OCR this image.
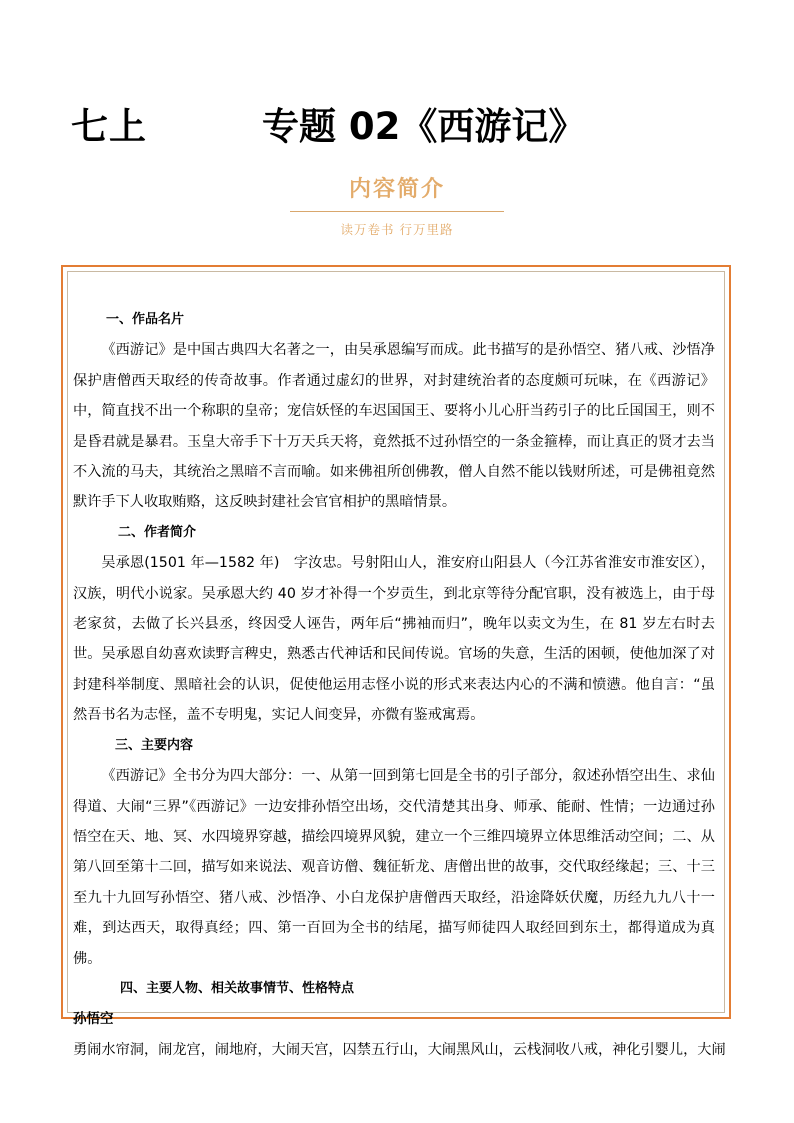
七上	专题 02《西游记》
内容简介
读万卷书 行万里路

一、作品名片

《西游记》是中国古典四大名著之一，由吴承恩编写而成。此书描写的是孙悟空、猪八戒、沙悟净保护唐僧西天取经的传奇故事。作者通过虚幻的世界，对封建统治者的态度颇可玩味，在《西游记》中，简直找不出一个称职的皇帝；宠信妖怪的车迟国国王、要将小儿心肝当药引子的比丘国国王，则不是昏君就是暴君。玉皇大帝手下十万天兵天将，竟然抵不过孙悟空的一条金箍棒，而让真正的贤才去当不入流的马夫，其统治之黑暗不言而喻。如来佛祖所创佛教，僧人自然不能以钱财所述，可是佛祖竟然默许手下人收取贿赂，这反映封建社会官官相护的黑暗情景。

二、作者简介

吴承恩(1501 年—1582 年)　字汝忠。号射阳山人，淮安府山阳县人（今江苏省淮安市淮安区），汉族，明代小说家。吴承恩大约 40 岁才补得一个岁贡生，到北京等待分配官职，没有被选上，由于母老家贫，去做了长兴县丞，终因受人诬告，两年后“拂袖而归”，晚年以卖文为生，在 81 岁左右时去世。吴承恩自幼喜欢读野言稗史，熟悉古代神话和民间传说。官场的失意，生活的困顿，使他加深了对封建科举制度、黑暗社会的认识，促使他运用志怪小说的形式来表达内心的不满和愤懑。他自言：“虽然吾书名为志怪，盖不专明鬼，实记人间变异，亦微有鉴戒寓焉。

三、主要内容

《西游记》全书分为四大部分：一、从第一回到第七回是全书的引子部分，叙述孙悟空出生、求仙得道、大闹“三界”《西游记》一边安排孙悟空出场，交代清楚其出身、师承、能耐、性情；一边通过孙悟空在天、地、冥、水四境界穿越，描绘四境界风貌，建立一个三维四境界立体思维活动空间；二、从第八回至第十二回，描写如来说法、观音访僧、魏征斩龙、唐僧出世的故事，交代取经缘起；三、十三至九十九回写孙悟空、猪八戒、沙悟净、小白龙保护唐僧西天取经，沿途降妖伏魔，历经九九八十一难，到达西天，取得真经；四、第一百回为全书的结尾，描写师徒四人取经回到东土，都得道成为真佛。

四、主要人物、相关故事情节、性格特点

孙悟空

勇闹水帘洞，闹龙宫，闹地府，大闹天宫，囚禁五行山，大闹黑风山，云栈洞收八戒，神化引婴儿，大闹
